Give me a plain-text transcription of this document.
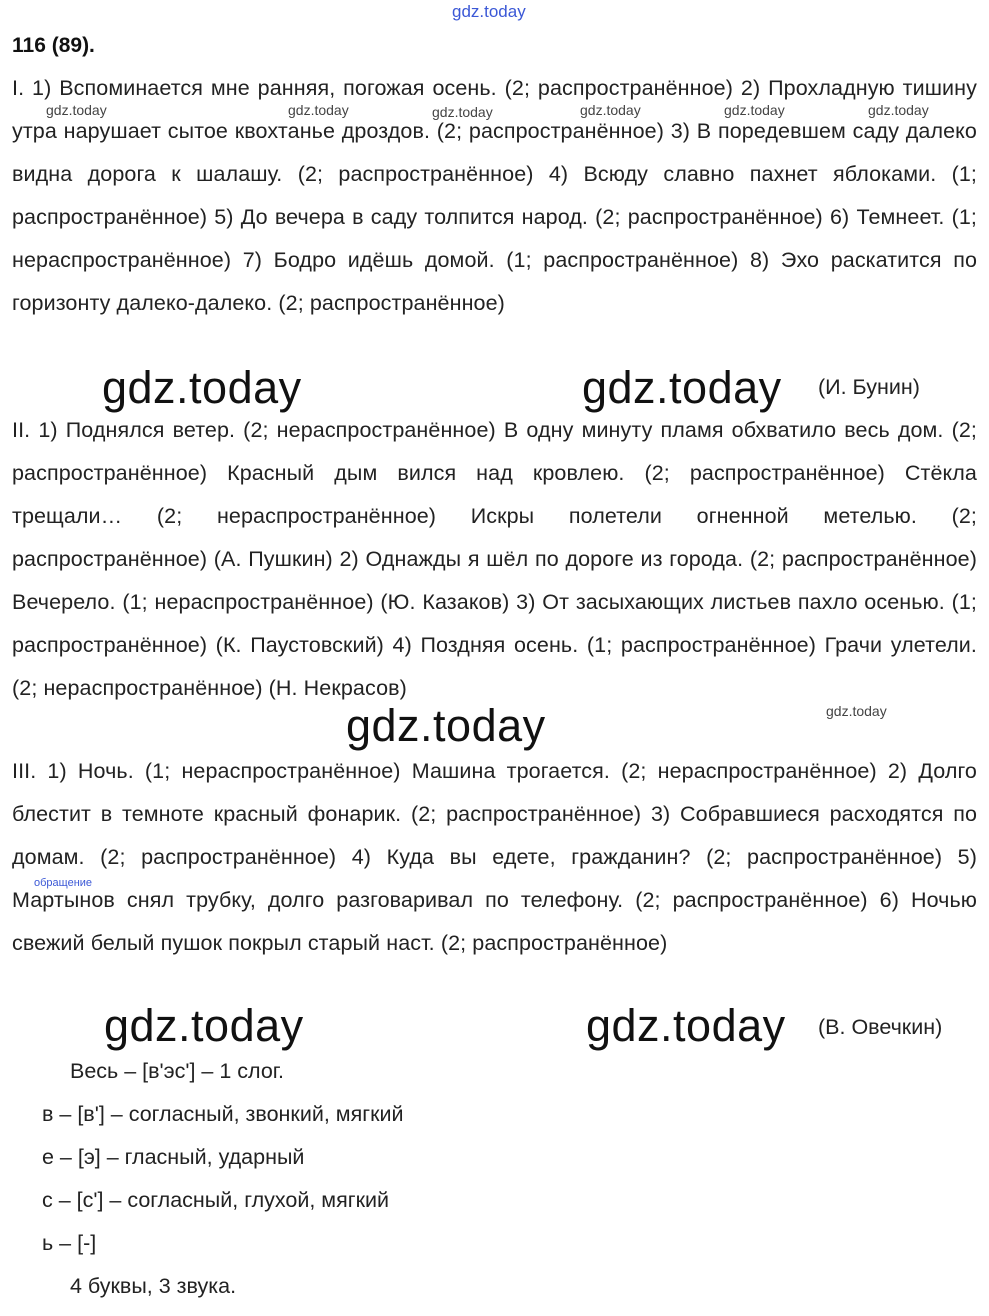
gdz.today
116 (89).

I. 1) Вспоминается мне ранняя, погожая осень. (2; распространённое) 2) Прохладную тишину утра нарушает сытое квохтанье дроздов. (2; распространённое) 3) В поредевшем саду далеко видна дорога к шалашу. (2; распространённое) 4) Всюду славно пахнет яблоками. (1; распространённое) 5) До вечера в саду толпится народ. (2; распространённое) 6) Темнеет. (1; нераспространённое) 7) Бодро идёшь домой. (1; распространённое) 8) Эхо раскатится по горизонту далеко-далеко. (2; распространённое)

(И. Бунин)

II. 1) Поднялся ветер. (2; нераспространённое) В одну минуту пламя обхватило весь дом. (2; распространённое) Красный дым вился над кровлею. (2; распространённое) Стёкла трещали… (2; нераспространённое) Искры полетели огненной метелью. (2; распространённое) (А. Пушкин) 2) Однажды я шёл по дороге из города. (2; распространённое) Вечерело. (1; нераспространённое) (Ю. Казаков) 3) От засыхающих листьев пахло осенью. (1; распространённое) (К. Паустовский) 4) Поздняя осень. (1; распространённое) Грачи улетели. (2; нераспространённое) (Н. Некрасов)

III. 1) Ночь. (1; нераспространённое) Машина трогается. (2; нераспространённое) 2) Долго блестит в темноте красный фонарик. (2; распространённое) 3) Собравшиеся расходятся по домам. (2; распространённое) 4) Куда вы едете, гражданин? (2; распространённое) 5) Мартынов снял трубку, долго разговаривал по телефону. (2; распространённое) 6) Ночью свежий белый пушок покрыл старый наст. (2; распространённое)

обращение
(В. Овечкин)
gdz.today	gdz.today
gdz.today
gdz.today	gdz.today
gdz.today	gdz.today	gdz.today	gdz.today	gdz.today	gdz.today
gdz.today
Весь – [в'эс'] – 1 слог.
в – [в'] – согласный, звонкий, мягкий
е – [э] – гласный, ударный
с – [с'] – согласный, глухой, мягкий
ь – [-]
4 буквы, 3 звука.
